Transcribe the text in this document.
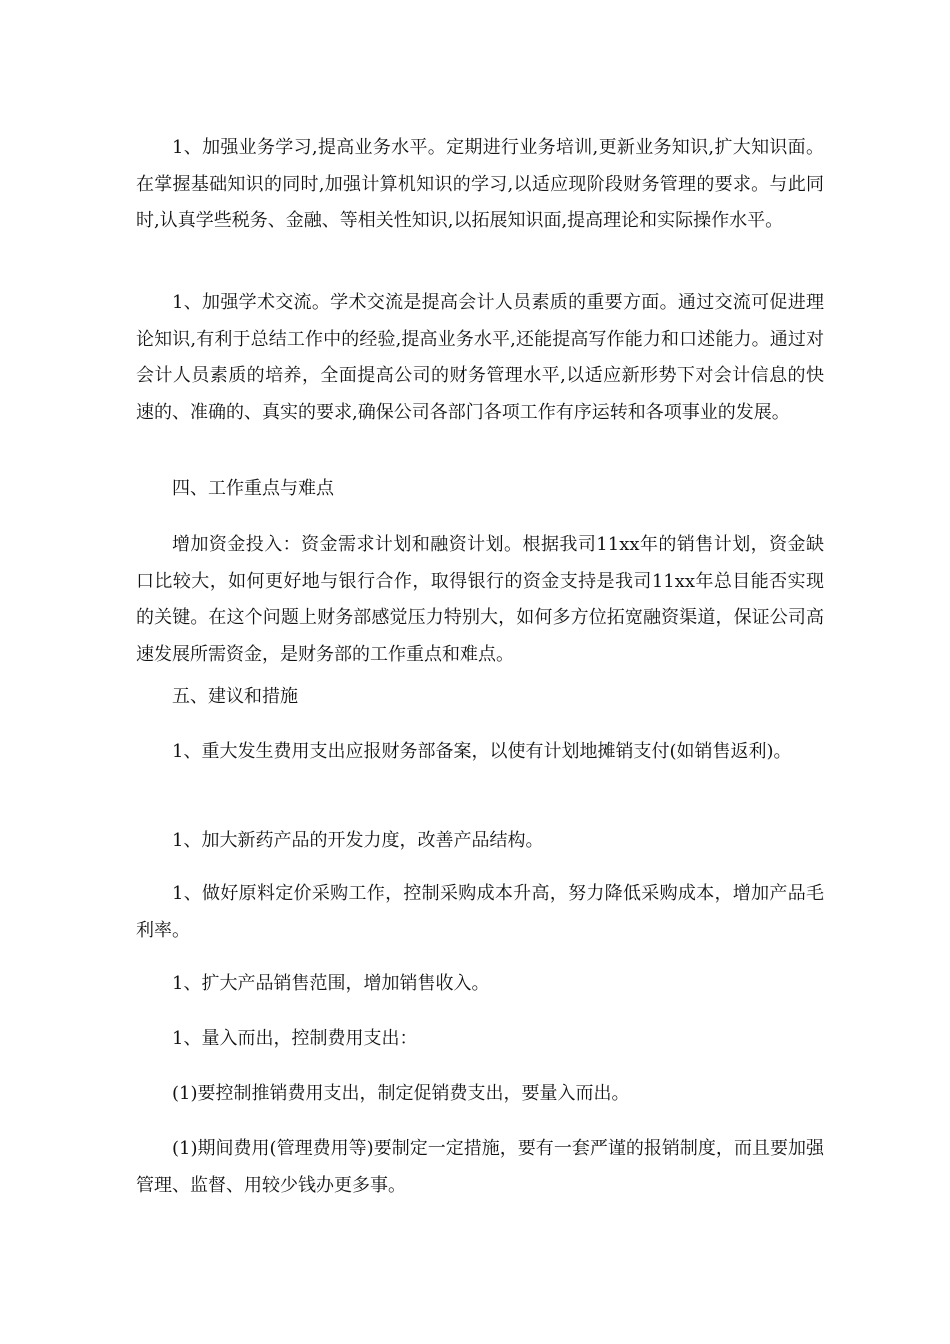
1、加强业务学习,提高业务水平。定期进行业务培训,更新业务知识,扩大知识面。在掌握基础知识的同时,加强计算机知识的学习,以适应现阶段财务管理的要求。与此同时,认真学些税务、金融、等相关性知识,以拓展知识面,提高理论和实际操作水平。

1、加强学术交流。学术交流是提高会计人员素质的重要方面。通过交流可促进理论知识,有利于总结工作中的经验,提高业务水平,还能提高写作能力和口述能力。通过对会计人员素质的培养，全面提高公司的财务管理水平,以适应新形势下对会计信息的快速的、准确的、真实的要求,确保公司各部门各项工作有序运转和各项事业的发展。

四、工作重点与难点

增加资金投入：资金需求计划和融资计划。根据我司11xx年的销售计划，资金缺口比较大，如何更好地与银行合作，取得银行的资金支持是我司11xx年总目能否实现的关键。在这个问题上财务部感觉压力特别大，如何多方位拓宽融资渠道，保证公司高速发展所需资金，是财务部的工作重点和难点。

五、建议和措施

1、重大发生费用支出应报财务部备案，以使有计划地摊销支付(如销售返利)。

1、加大新药产品的开发力度，改善产品结构。

1、做好原料定价采购工作，控制采购成本升高，努力降低采购成本，增加产品毛利率。

1、扩大产品销售范围，增加销售收入。

1、量入而出，控制费用支出：

(1)要控制推销费用支出，制定促销费支出，要量入而出。

(1)期间费用(管理费用等)要制定一定措施，要有一套严谨的报销制度，而且要加强管理、监督、用较少钱办更多事。
